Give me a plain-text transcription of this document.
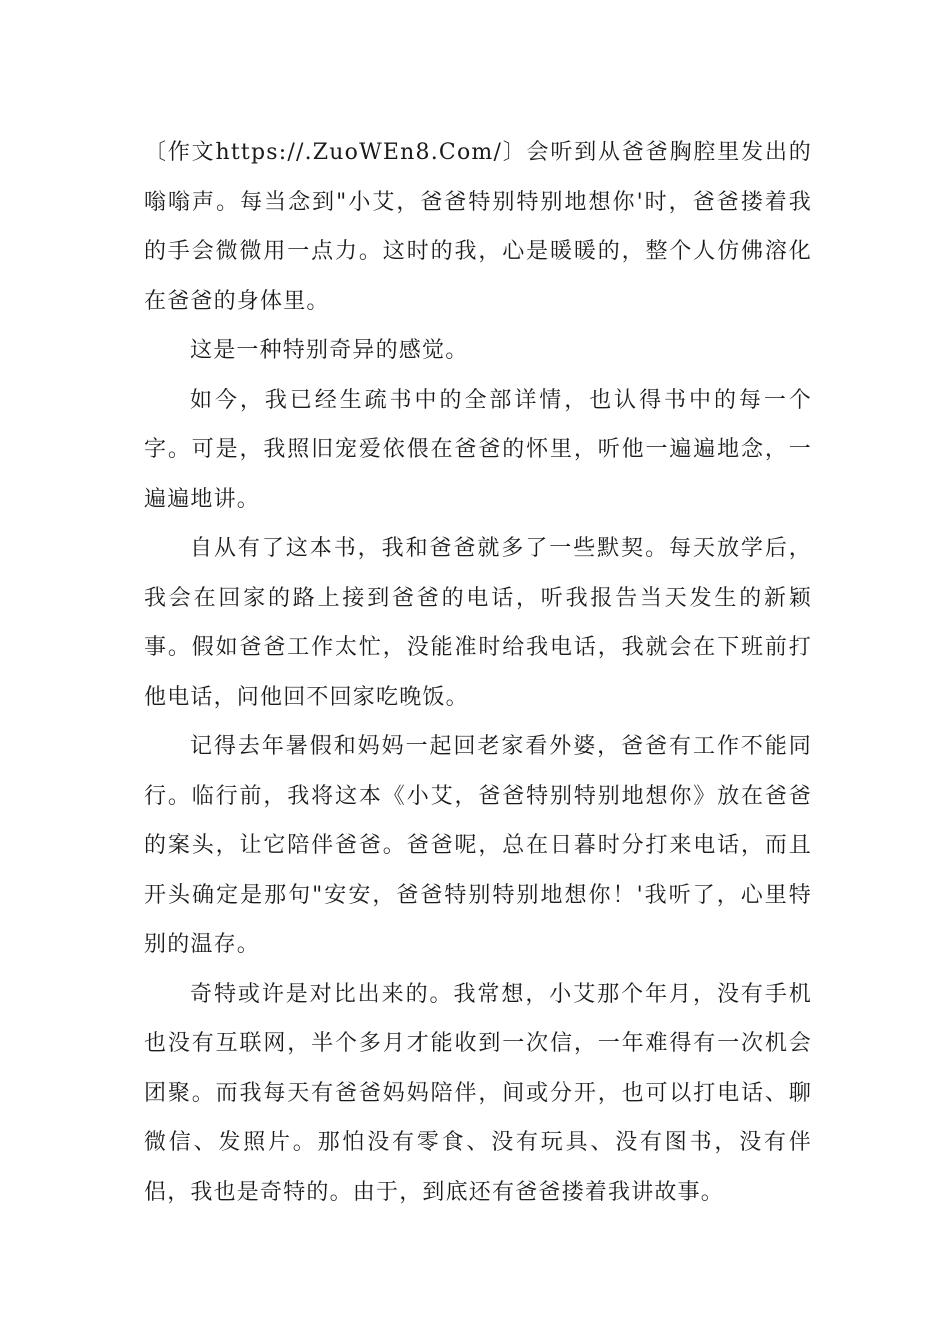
〔作文https://.ZuoWEn8.Com/〕会听到从爸爸胸腔里发出的嗡嗡声。每当念到"小艾，爸爸特别特别地想你'时，爸爸搂着我的手会微微用一点力。这时的我，心是暖暖的，整个人仿佛溶化在爸爸的身体里。

这是一种特别奇异的感觉。

如今，我已经生疏书中的全部详情，也认得书中的每一个字。可是，我照旧宠爱依偎在爸爸的怀里，听他一遍遍地念，一遍遍地讲。

自从有了这本书，我和爸爸就多了一些默契。每天放学后，我会在回家的路上接到爸爸的电话，听我报告当天发生的新颖事。假如爸爸工作太忙，没能准时给我电话，我就会在下班前打他电话，问他回不回家吃晚饭。

记得去年暑假和妈妈一起回老家看外婆，爸爸有工作不能同行。临行前，我将这本《小艾，爸爸特别特别地想你》放在爸爸的案头，让它陪伴爸爸。爸爸呢，总在日暮时分打来电话，而且开头确定是那句"安安，爸爸特别特别地想你！'我听了，心里特别的温存。

奇特或许是对比出来的。我常想，小艾那个年月，没有手机也没有互联网，半个多月才能收到一次信，一年难得有一次机会团聚。而我每天有爸爸妈妈陪伴，间或分开，也可以打电话、聊微信、发照片。那怕没有零食、没有玩具、没有图书，没有伴侣，我也是奇特的。由于，到底还有爸爸搂着我讲故事。
